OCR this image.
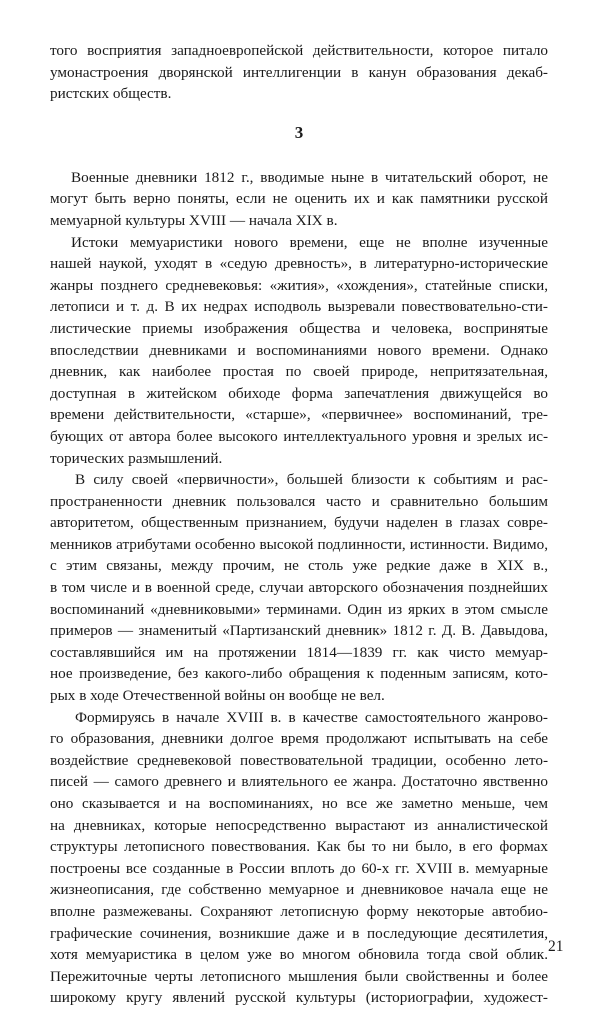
того восприятия западноевропейской действительности, которое питало
умонастроения дворянской интеллигенции в канун образования декаб-
ристских обществ.
3
Военные дневники 1812 г., вводимые ныне в читательский оборот, не
могут быть верно поняты, если не оценить их и как памятники русской
мемуарной культуры XVIII — начала XIX в.
Истоки мемуаристики нового времени, еще не вполне изученные
нашей наукой, уходят в «седую древность», в литературно-исторические
жанры позднего средневековья: «жития», «хождения», статейные списки,
летописи и т. д. В их недрах исподволь вызревали повествовательно-сти-
листические приемы изображения общества и человека, воспринятые
впоследствии дневниками и воспоминаниями нового времени. Однако
дневник, как наиболее простая по своей природе, непритязательная,
доступная в житейском обиходе форма запечатления движущейся во
времени действительности, «старше», «первичнее» воспоминаний, тре-
бующих от автора более высокого интеллектуального уровня и зрелых ис-
торических размышлений.
В силу своей «первичности», большей близости к событиям и рас-
пространенности дневник пользовался часто и сравнительно большим
авторитетом, общественным признанием, будучи наделен в глазах совре-
менников атрибутами особенно высокой подлинности, истинности. Видимо,
с этим связаны, между прочим, не столь уже редкие даже в XIX в.,
в том числе и в военной среде, случаи авторского обозначения позднейших
воспоминаний «дневниковыми» терминами. Один из ярких в этом смысле
примеров — знаменитый «Партизанский дневник» 1812 г. Д. В. Давыдова,
составлявшийся им на протяжении 1814—1839 гг. как чисто мемуар-
ное произведение, без какого-либо обращения к поденным записям, кото-
рых в ходе Отечественной войны он вообще не вел.
Формируясь в начале XVIII в. в качестве самостоятельного жанрово-
го образования, дневники долгое время продолжают испытывать на себе
воздействие средневековой повествовательной традиции, особенно лето-
писей — самого древнего и влиятельного ее жанра. Достаточно явственно
оно сказывается и на воспоминаниях, но все же заметно меньше, чем
на дневниках, которые непосредственно вырастают из анналистической
структуры летописного повествования. Как бы то ни было, в его формах
построены все созданные в России вплоть до 60-х гг. XVIII в. мемуарные
жизнеописания, где собственно мемуарное и дневниковое начала еще не
вполне размежеваны. Сохраняют летописную форму некоторые автобио-
графические сочинения, возникшие даже и в последующие десятилетия,
хотя мемуаристика в целом уже во многом обновила тогда свой облик.
Пережиточные черты летописного мышления были свойственны и более
широкому кругу явлений русской культуры (историографии, художест-
21
